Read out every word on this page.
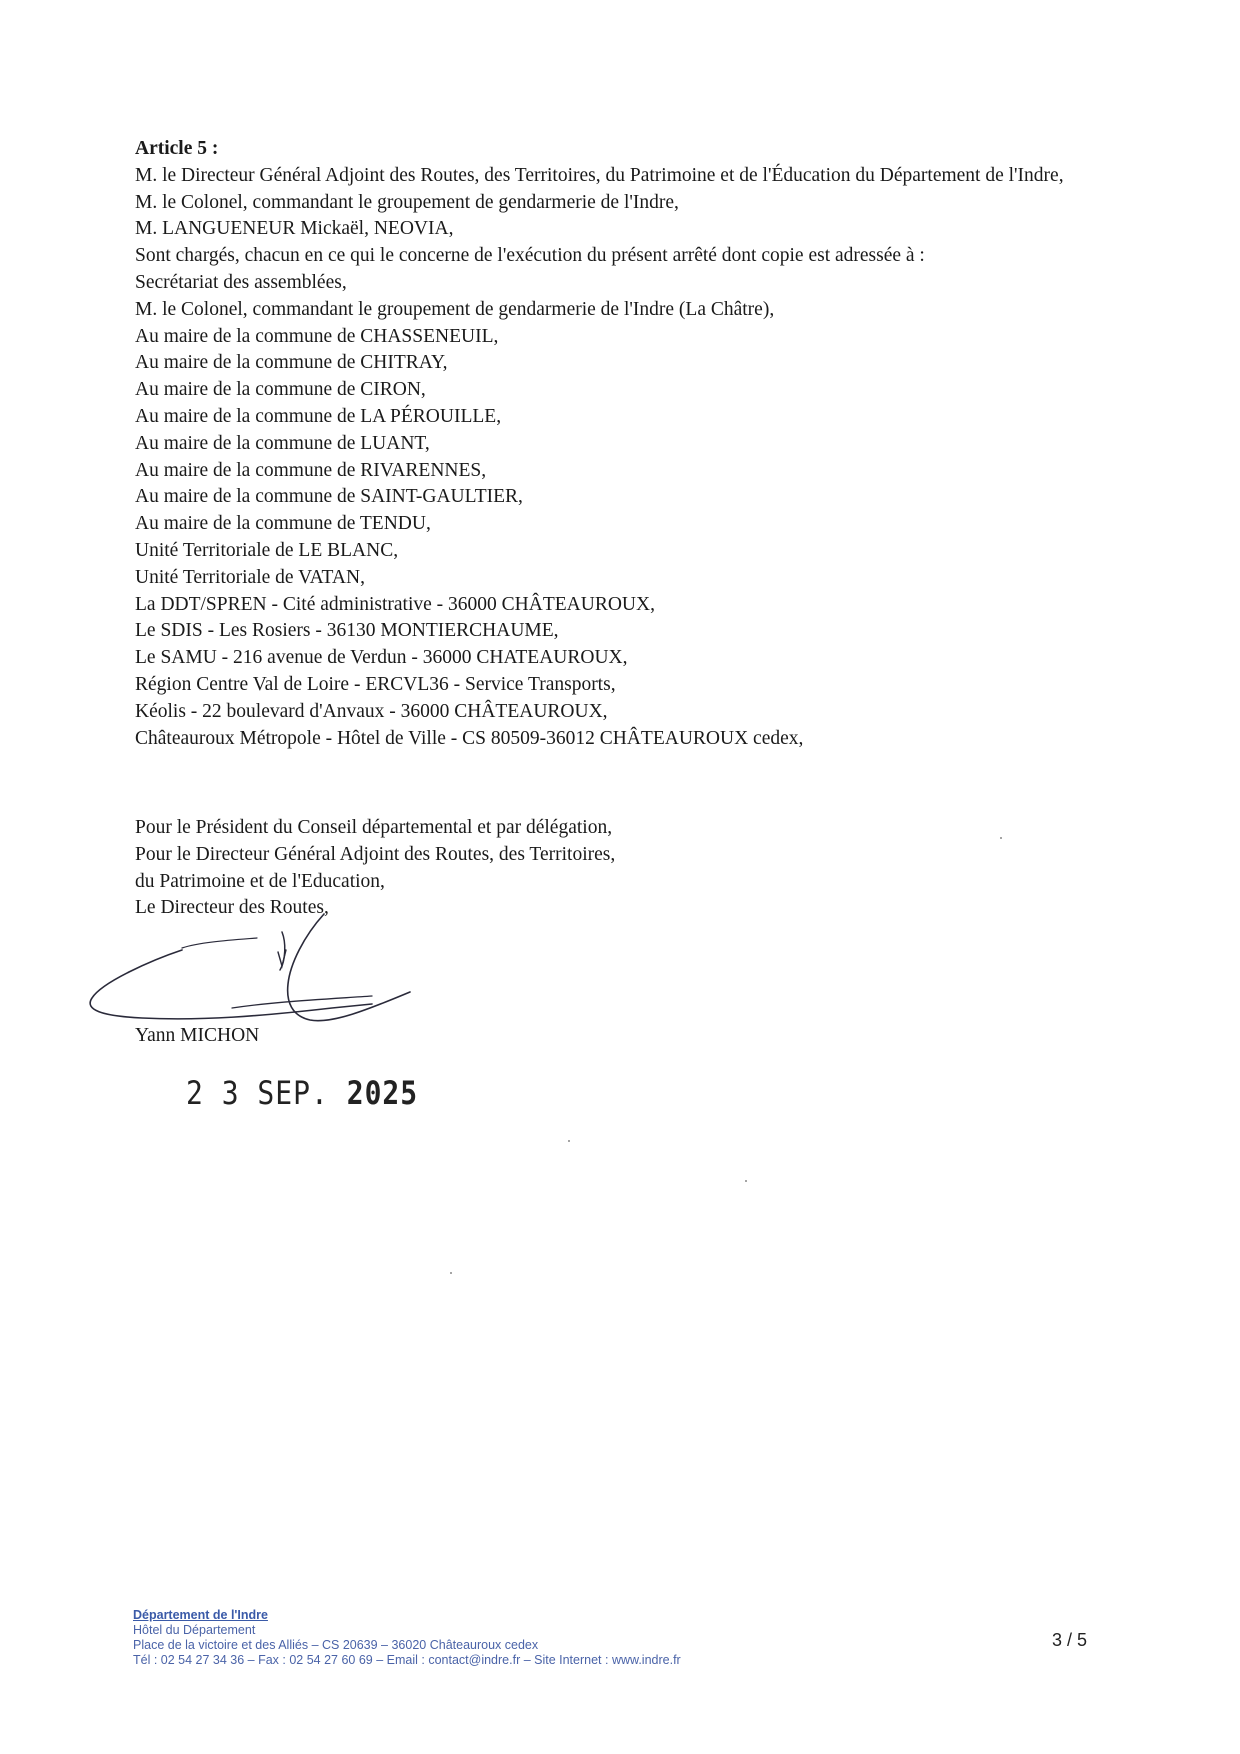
Article 5 :
M. le Directeur Général Adjoint des Routes, des Territoires, du Patrimoine et de l'Éducation du Département de l'Indre,
M. le Colonel, commandant le groupement de gendarmerie de l'Indre,
M. LANGUENEUR Mickaël, NEOVIA,
Sont chargés, chacun en ce qui le concerne de l'exécution du présent arrêté dont copie est adressée à :
Secrétariat des assemblées,
M. le Colonel, commandant le groupement de gendarmerie de l'Indre (La Châtre),
Au maire de la commune de CHASSENEUIL,
Au maire de la commune de CHITRAY,
Au maire de la commune de CIRON,
Au maire de la commune de LA PÉROUILLE,
Au maire de la commune de LUANT,
Au maire de la commune de RIVARENNES,
Au maire de la commune de SAINT-GAULTIER,
Au maire de la commune de TENDU,
Unité Territoriale de LE BLANC,
Unité Territoriale de VATAN,
La DDT/SPREN - Cité administrative - 36000 CHÂTEAUROUX,
Le SDIS - Les Rosiers - 36130 MONTIERCHAUME,
Le SAMU - 216 avenue de Verdun - 36000 CHATEAUROUX,
Région Centre Val de Loire - ERCVL36 - Service Transports,
Kéolis - 22 boulevard d'Anvaux - 36000 CHÂTEAUROUX,
Châteauroux Métropole - Hôtel de Ville - CS 80509-36012 CHÂTEAUROUX cedex,
Pour le Président du Conseil départemental et par délégation,
Pour le Directeur Général Adjoint des Routes, des Territoires,
du Patrimoine et de l'Education,
Le Directeur des Routes,
Yann MICHON
2 3 SEP. 2025
Département de l'Indre
Hôtel du Département
Place de la victoire et des Alliés – CS 20639 – 36020 Châteauroux cedex
Tél : 02 54 27 34 36 – Fax : 02 54 27 60 69 – Email : contact@indre.fr – Site Internet : www.indre.fr
3 / 5
